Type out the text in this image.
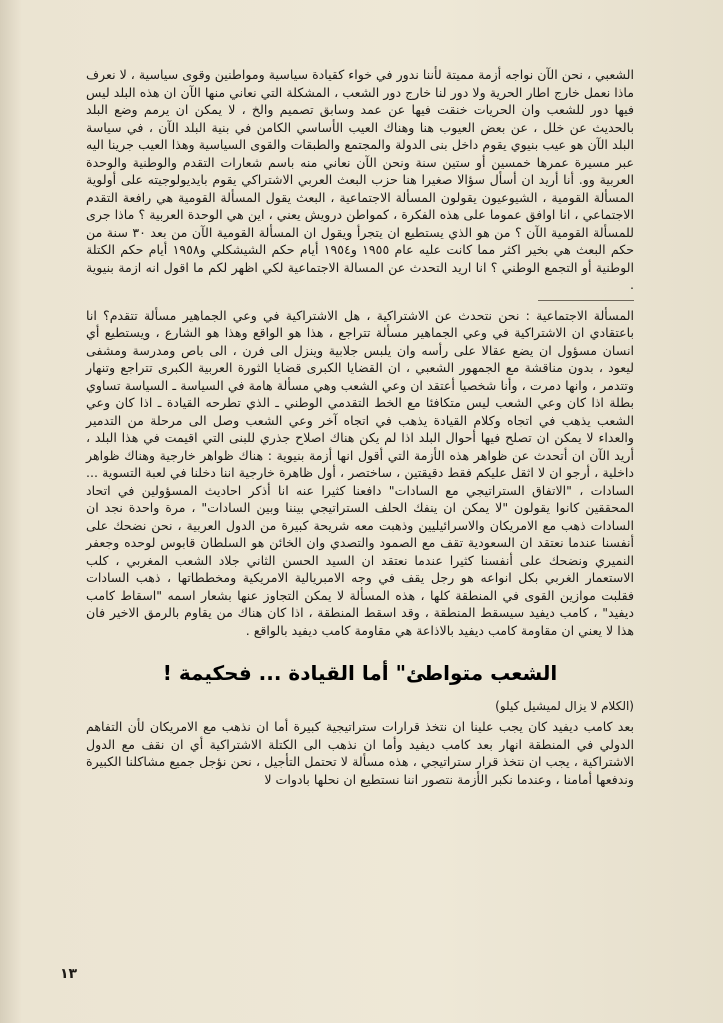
الشعبي ، نحن الآن نواجه أزمة مميتة لأننا ندور في خواء كقيادة سياسية ومواطنين وقوى سياسية ، لا نعرف ماذا نعمل خارج اطار الحرية ولا دور لنا خارج دور الشعب ، المشكلة التي نعاني منها الآن ان هذه البلد ليس فيها دور للشعب وان الحريات خنقت فيها عن عمد وسابق تصميم والخ ، لا يمكن ان يرمم وضع البلد بالحديث عن خلل ، عن بعض العيوب هنا وهناك العيب الأساسي الكامن في بنية البلد الآن ، في سياسة البلد الآن هو عيب بنيوي يقوم داخل بنى الدولة والمجتمع والطبقات والقوى السياسية وهذا العيب جرينا اليه عبر مسيرة عمرها خمسين أو ستين سنة ونحن الآن نعاني منه باسم شعارات التقدم والوطنية والوحدة العربية وو. أنا أريد ان أسأل سؤالا صغيرا هنا حزب البعث العربي الاشتراكي يقوم بايديولوجيته على أولوية المسألة القومية ، الشيوعيون يقولون المسألة الاجتماعية ، البعث يقول المسألة القومية هي رافعة التقدم الاجتماعي ، انا اوافق عموما على هذه الفكرة ، كمواطن درويش يعني ، اين هي الوحدة العربية ؟ ماذا جرى للمسألة القومية الآن ؟ من هو الذي يستطيع ان يتجرأ ويقول ان المسألة القومية الآن من بعد ٣٠ سنة من حكم البعث هي بخير اكثر مما كانت عليه عام ١٩٥٥ و١٩٥٤ أيام حكم الشيشكلي و١٩٥٨ أيام حكم الكتلة الوطنية أو التجمع الوطني ؟ انا اريد التحدث عن المسالة الاجتماعية لكي اظهر لكم ما اقول انه ازمة بنيوية .

المسألة الاجتماعية : نحن نتحدث عن الاشتراكية ، هل الاشتراكية في وعي الجماهير مسألة تتقدم؟ انا باعتقادي ان الاشتراكية في وعي الجماهير مسألة تتراجع ، هذا هو الواقع وهذا هو الشارع ، ويستطيع أي انسان مسؤول ان يضع عقالا على رأسه وان يلبس جلابية وينزل الى فرن ، الى باص ومدرسة ومشفى ليعود ، بدون مناقشة مع الجمهور الشعبي ، ان القضايا الكبرى قضايا الثورة العربية الكبرى تتراجع وتنهار وتتدمر ، وانها دمرت ، وأنا شخصيا أعتقد ان وعي الشعب وهي مسألة هامة في السياسة ـ السياسة تساوي بطلة اذا كان وعي الشعب ليس متكافئا مع الخط التقدمي الوطني ـ الذي تطرحه القيادة ـ اذا كان وعي الشعب يذهب في اتجاه وكلام القيادة يذهب في اتجاه آخر وعي الشعب وصل الى مرحلة من التدمير والعداء لا يمكن ان تصلح فيها أحوال البلد اذا لم يكن هناك اصلاح جذري للبنى التي اقيمت في هذا البلد ، أريد الآن ان أتحدث عن ظواهر هذه الأزمة التي أقول انها أزمة بنيوية : هناك ظواهر خارجية وهناك ظواهر داخلية ، أرجو ان لا اثقل عليكم فقط دقيقتين ، ساختصر ، أول ظاهرة خارجية اننا دخلنا في لعبة التسوية ... السادات ، "الاتفاق الستراتيجي مع السادات" دافعنا كثيرا عنه انا أذكر احاديث المسؤولين في اتحاد المحققين كانوا يقولون "لا يمكن ان ينفك الحلف الستراتيجي بيننا وبين السادات" ، مرة واحدة نجد ان السادات ذهب مع الامريكان والاسرائيليين وذهبت معه شريحة كبيرة من الدول العربية ، نحن نضحك على أنفسنا عندما نعتقد ان السعودية تقف مع الصمود والتصدي وان الخائن هو السلطان قابوس لوحده وجعفر النميري ونضحك على أنفسنا كثيرا عندما نعتقد ان السيد الحسن الثاني جلاد الشعب المغربي ، كلب الاستعمار الغربي بكل انواعه هو رجل يقف في وجه الامبريالية الامريكية ومخططاتها ، ذهب السادات فقلبت موازين القوى في المنطقة كلها ، هذه المسألة لا يمكن التجاوز عنها بشعار اسمه "اسقاط كامب ديفيد" ، كامب ديفيد سيسقط المنطقة ، وقد اسقط المنطقة ، اذا كان هناك من يقاوم بالرمق الاخير فان هذا لا يعني ان مقاومة كامب ديفيد بالاذاعة هي مقاومة كامب ديفيد بالواقع .

الشعب متواطئ" أما القيادة ... فحكيمة !

(الكلام لا يزال لميشيل كيلو)

بعد كامب ديفيد كان يجب علينا ان نتخذ قرارات ستراتيجية كبيرة أما ان نذهب مع الامريكان لأن التفاهم الدولي في المنطقة انهار بعد كامب ديفيد وأما ان نذهب الى الكتلة الاشتراكية أي ان نقف مع الدول الاشتراكية ، يجب ان نتخذ قرار ستراتيجي ، هذه مسألة لا تحتمل التأجيل ، نحن نؤجل جميع مشاكلنا الكبيرة وندفعها أمامنا ، وعندما نكبر الأزمة نتصور اننا نستطيع ان نحلها بادوات لا

١٣
